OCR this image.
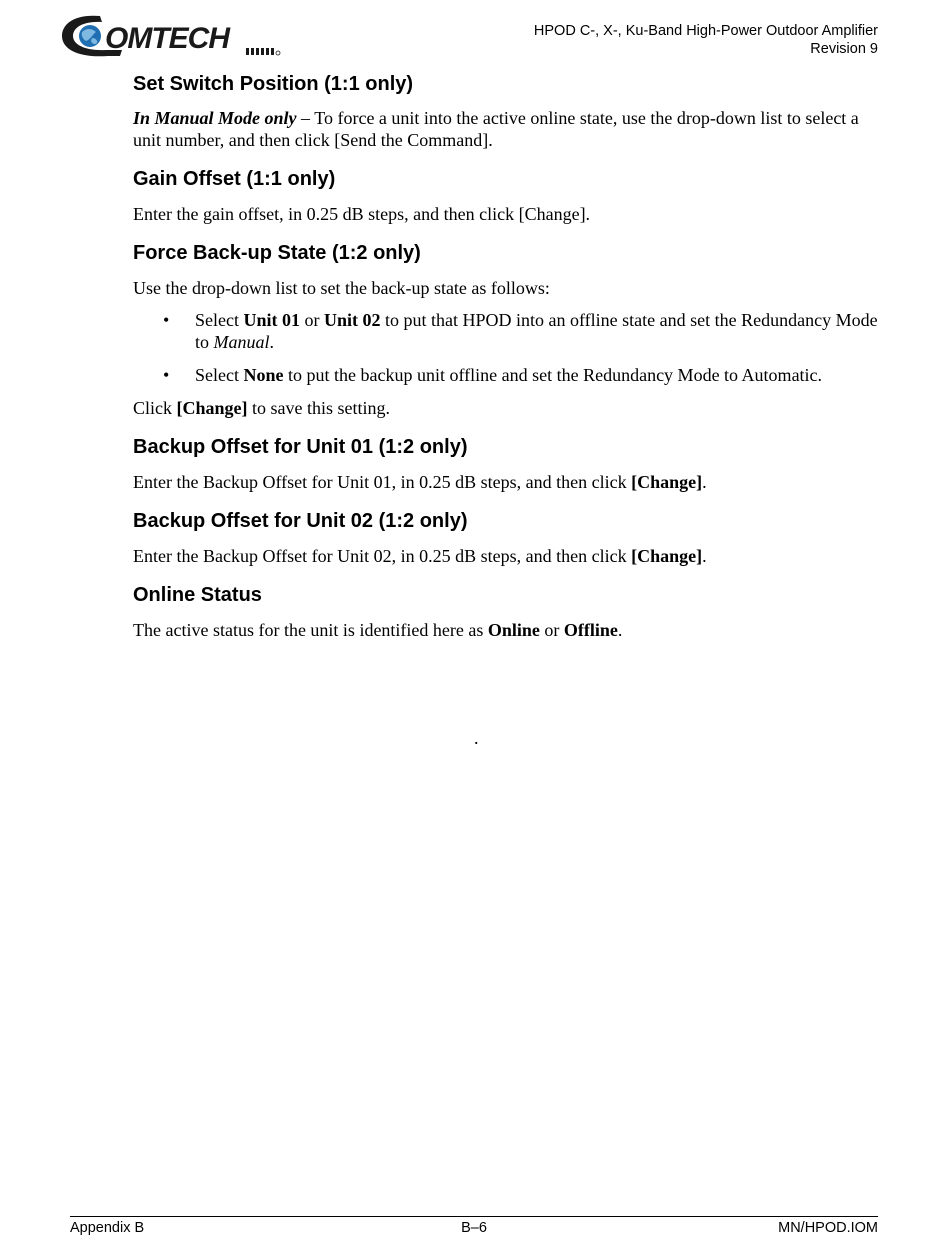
OMTECH	HPOD C-, X-, Ku-Band High-Power Outdoor Amplifier
Revision 9
Set Switch Position (1:1 only)

In Manual Mode only – To force a unit into the active online state, use the drop-down list to select a unit number, and then click [Send the Command].

Gain Offset (1:1 only)

Enter the gain offset, in 0.25 dB steps, and then click [Change].

Force Back-up State (1:2 only)

Use the drop-down list to set the back-up state as follows:

• Select Unit 01 or Unit 02 to put that HPOD into an offline state and set the Redundancy Mode to Manual.
• Select None to put the backup unit offline and set the Redundancy Mode to Automatic.

Click [Change] to save this setting.

Backup Offset for Unit 01 (1:2 only)

Enter the Backup Offset for Unit 01, in 0.25 dB steps, and then click [Change].

Backup Offset for Unit 02 (1:2 only)

Enter the Backup Offset for Unit 02, in 0.25 dB steps, and then click [Change].

Online Status

The active status for the unit is identified here as Online or Offline.

.
Appendix B	B–6	MN/HPOD.IOM
